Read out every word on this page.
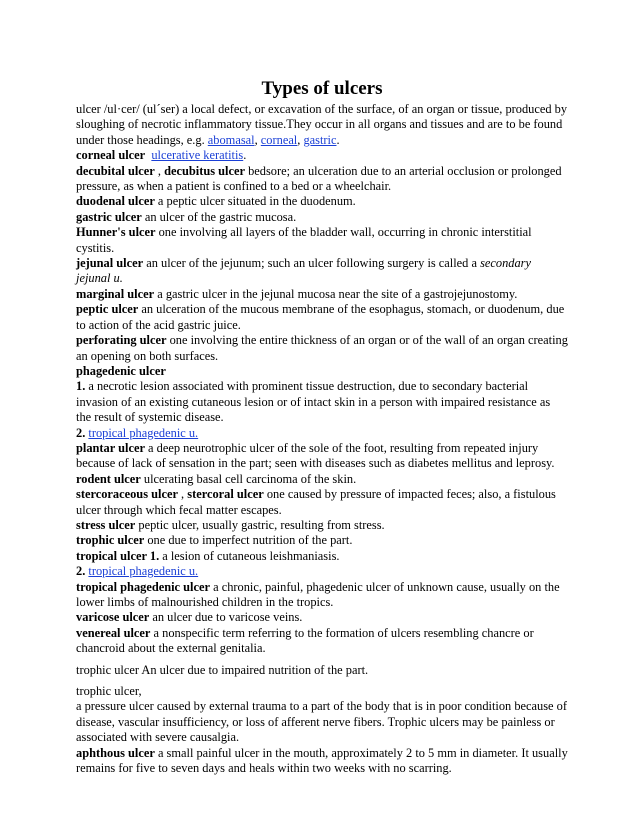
Types of ulcers

ulcer /ul·cer/ (ul´ser) a local defect, or excavation of the surface, of an organ or tissue, produced by sloughing of necrotic inflammatory tissue.They occur in all organs and tissues and are to be found under those headings, e.g. abomasal, corneal, gastric.

corneal ulcer ulcerative keratitis.

decubital ulcer , decubitus ulcer bedsore; an ulceration due to an arterial occlusion or prolonged pressure, as when a patient is confined to a bed or a wheelchair.

duodenal ulcer a peptic ulcer situated in the duodenum.

gastric ulcer an ulcer of the gastric mucosa.

Hunner's ulcer one involving all layers of the bladder wall, occurring in chronic interstitial cystitis.

jejunal ulcer an ulcer of the jejunum; such an ulcer following surgery is called a secondary jejunal u.

marginal ulcer a gastric ulcer in the jejunal mucosa near the site of a gastrojejunostomy.

peptic ulcer an ulceration of the mucous membrane of the esophagus, stomach, or duodenum, due to action of the acid gastric juice.

perforating ulcer one involving the entire thickness of an organ or of the wall of an organ creating an opening on both surfaces.

phagedenic ulcer

1. a necrotic lesion associated with prominent tissue destruction, due to secondary bacterial invasion of an existing cutaneous lesion or of intact skin in a person with impaired resistance as the result of systemic disease.

2. tropical phagedenic u.

plantar ulcer a deep neurotrophic ulcer of the sole of the foot, resulting from repeated injury because of lack of sensation in the part; seen with diseases such as diabetes mellitus and leprosy.

rodent ulcer ulcerating basal cell carcinoma of the skin.

stercoraceous ulcer , stercoral ulcer one caused by pressure of impacted feces; also, a fistulous ulcer through which fecal matter escapes.

stress ulcer peptic ulcer, usually gastric, resulting from stress.

trophic ulcer one due to imperfect nutrition of the part.

tropical ulcer 1. a lesion of cutaneous leishmaniasis.

2. tropical phagedenic u.

tropical phagedenic ulcer a chronic, painful, phagedenic ulcer of unknown cause, usually on the lower limbs of malnourished children in the tropics.

varicose ulcer an ulcer due to varicose veins.

venereal ulcer a nonspecific term referring to the formation of ulcers resembling chancre or chancroid about the external genitalia.

trophic ulcer An ulcer due to impaired nutrition of the part.

trophic ulcer,

a pressure ulcer caused by external trauma to a part of the body that is in poor condition because of disease, vascular insufficiency, or loss of afferent nerve fibers. Trophic ulcers may be painless or associated with severe causalgia.

aphthous ulcer a small painful ulcer in the mouth, approximately 2 to 5 mm in diameter. It usually remains for five to seven days and heals within two weeks with no scarring.
